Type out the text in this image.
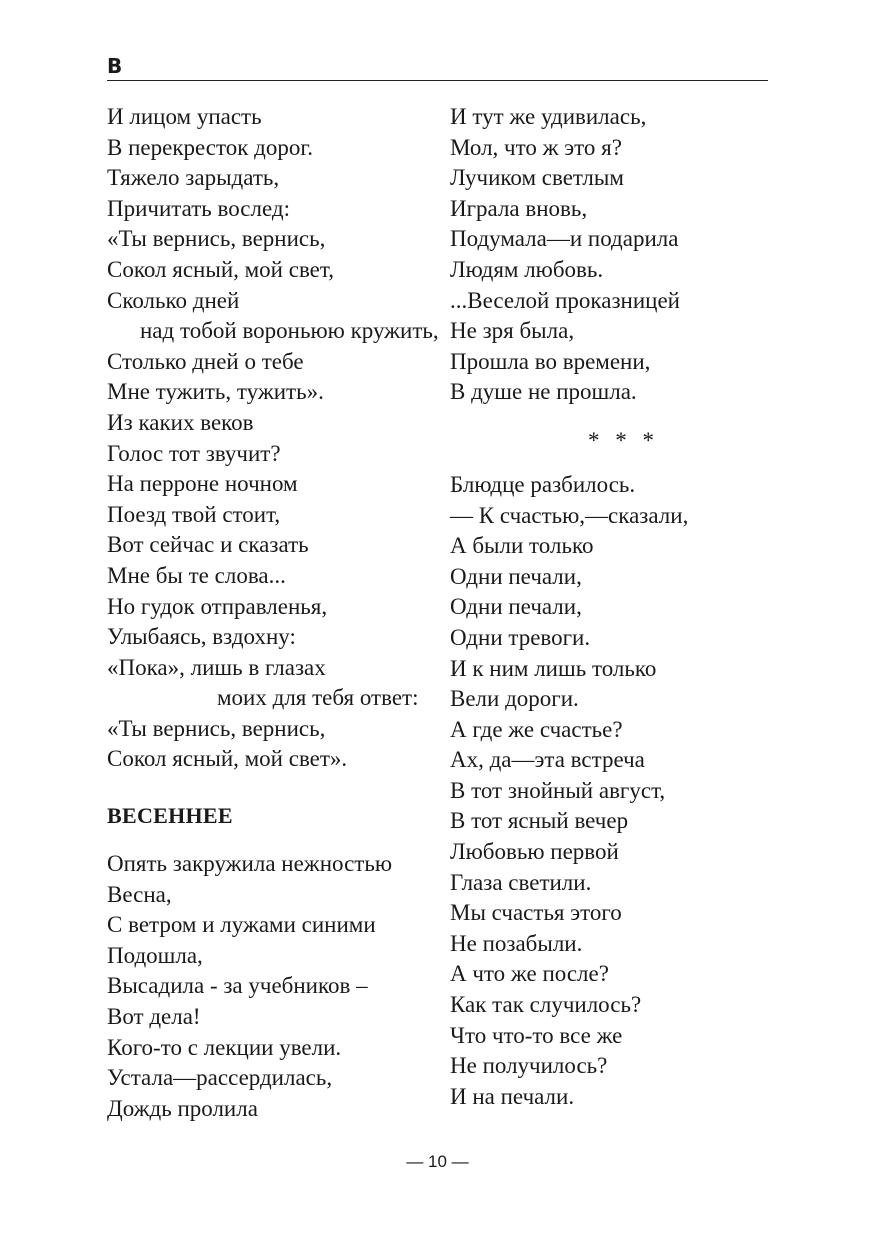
В
И лицом упасть
В перекресток дорог.
Тяжело зарыдать,
Причитать вослед:
«Ты вернись, вернись,
Сокол ясный, мой свет,
Сколько дней
над тобой вороньюю кружить,
Столько дней о тебе
Мне тужить, тужить».
Из каких веков
Голос тот звучит?
На перроне ночном
Поезд твой стоит,
Вот сейчас и сказать
Мне бы те слова...
Но гудок отправленья,
Улыбаясь, вздохну:
«Пока», лишь в глазах
моих для тебя ответ:
«Ты вернись, вернись,
Сокол ясный, мой свет».
ВЕСЕННЕЕ
Опять закружила нежностью
Весна,
С ветром и лужами синими
Подошла,
Высадила - за учебников –
Вот дела!
Кого-то с лекции увели.
Устала—рассердилась,
Дождь пролила
И тут же удивилась,
Мол, что ж это я?
Лучиком светлым
Играла вновь,
Подумала—и подарила
Людям любовь.
...Веселой проказницей
Не зря была,
Прошла во времени,
В душе не прошла.
* * *
Блюдце разбилось.
— К счастью,—сказали,
А были только
Одни печали,
Одни печали,
Одни тревоги.
И к ним лишь только
Вели дороги.
А где же счастье?
Ах, да—эта встреча
В тот знойный август,
В тот ясный вечер
Любовью первой
Глаза светили.
Мы счастья этого
Не позабыли.
А что же после?
Как так случилось?
Что что-то все же
Не получилось?
И на печали.
— 10 —
